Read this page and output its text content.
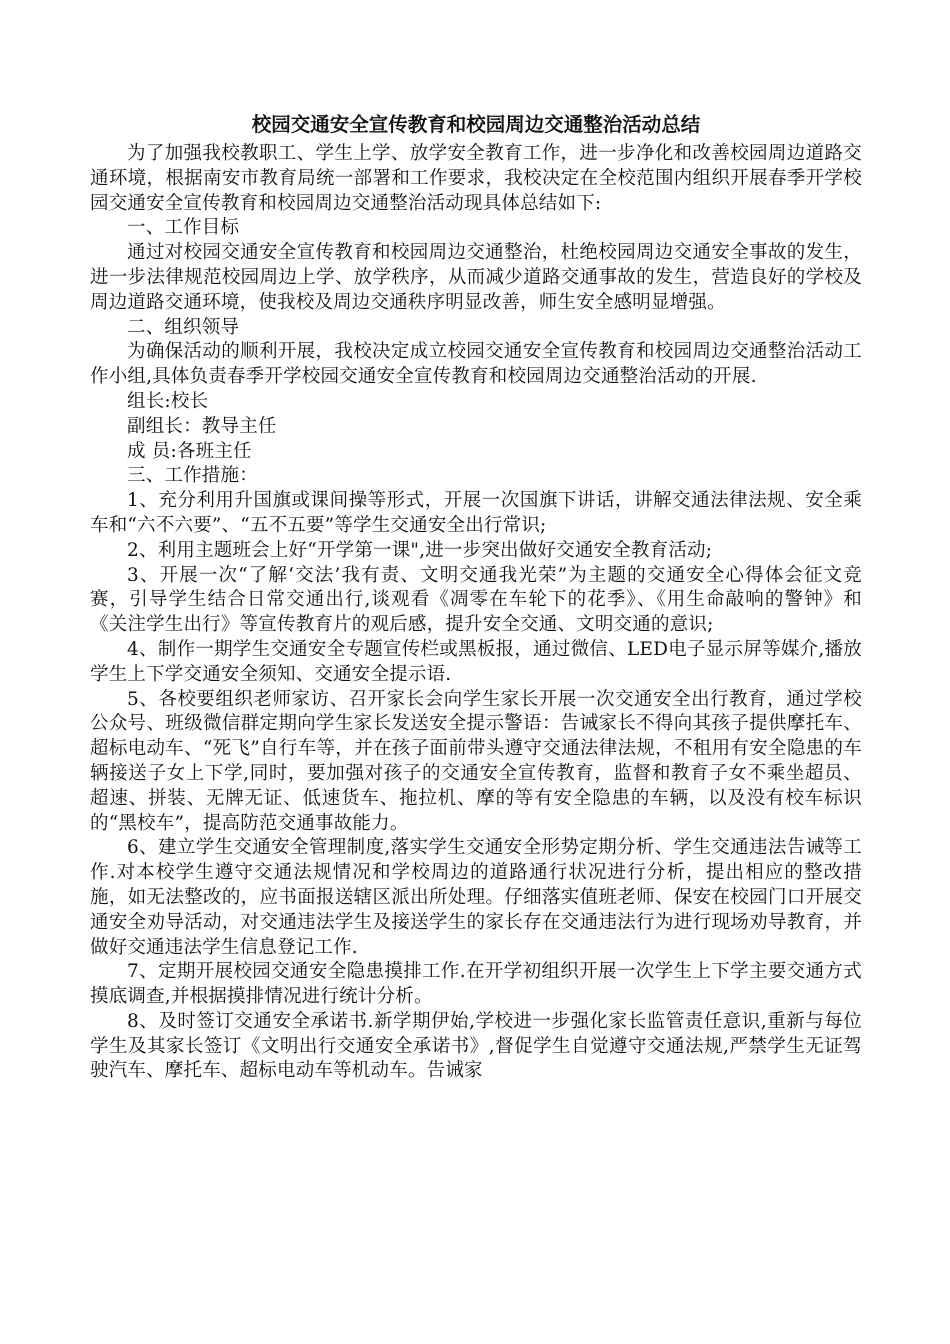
校园交通安全宣传教育和校园周边交通整治活动总结

为了加强我校教职工、学生上学、放学安全教育工作，进一步净化和改善校园周边道路交通环境，根据南安市教育局统一部署和工作要求，我校决定在全校范围内组织开展春季开学校园交通安全宣传教育和校园周边交通整治活动现具体总结如下:

一、工作目标

通过对校园交通安全宣传教育和校园周边交通整治，杜绝校园周边交通安全事故的发生，进一步法律规范校园周边上学、放学秩序，从而减少道路交通事故的发生，营造良好的学校及周边道路交通环境，使我校及周边交通秩序明显改善，师生安全感明显增强。

二、组织领导

为确保活动的顺利开展，我校决定成立校园交通安全宣传教育和校园周边交通整治活动工作小组,具体负责春季开学校园交通安全宣传教育和校园周边交通整治活动的开展.

组长:校长

副组长：教导主任

成 员:各班主任

三、工作措施：

1、充分利用升国旗或课间操等形式，开展一次国旗下讲话，讲解交通法律法规、安全乘车和“六不六要”、“五不五要”等学生交通安全出行常识;

2、利用主题班会上好“开学第一课",进一步突出做好交通安全教育活动;

3、开展一次“了解‘交法’我有责、文明交通我光荣”为主题的交通安全心得体会征文竞赛，引导学生结合日常交通出行,谈观看《凋零在车轮下的花季》、《用生命敲响的警钟》和《关注学生出行》等宣传教育片的观后感，提升安全交通、文明交通的意识;

4、制作一期学生交通安全专题宣传栏或黑板报，通过微信、LED电子显示屏等媒介,播放学生上下学交通安全须知、交通安全提示语.

5、各校要组织老师家访、召开家长会向学生家长开展一次交通安全出行教育，通过学校公众号、班级微信群定期向学生家长发送安全提示警语：告诫家长不得向其孩子提供摩托车、超标电动车、“死飞”自行车等，并在孩子面前带头遵守交通法律法规，不租用有安全隐患的车辆接送子女上下学,同时，要加强对孩子的交通安全宣传教育，监督和教育子女不乘坐超员、超速、拼装、无牌无证、低速货车、拖拉机、摩的等有安全隐患的车辆，以及没有校车标识的“黑校车”，提高防范交通事故能力。

6、建立学生交通安全管理制度,落实学生交通安全形势定期分析、学生交通违法告诫等工作.对本校学生遵守交通法规情况和学校周边的道路通行状况进行分析，提出相应的整改措施，如无法整改的，应书面报送辖区派出所处理。仔细落实值班老师、保安在校园门口开展交通安全劝导活动，对交通违法学生及接送学生的家长存在交通违法行为进行现场劝导教育，并做好交通违法学生信息登记工作.

7、定期开展校园交通安全隐患摸排工作.在开学初组织开展一次学生上下学主要交通方式摸底调查,并根据摸排情况进行统计分析。

8、及时签订交通安全承诺书.新学期伊始,学校进一步强化家长监管责任意识,重新与每位学生及其家长签订《文明出行交通安全承诺书》,督促学生自觉遵守交通法规,严禁学生无证驾驶汽车、摩托车、超标电动车等机动车。告诫家
